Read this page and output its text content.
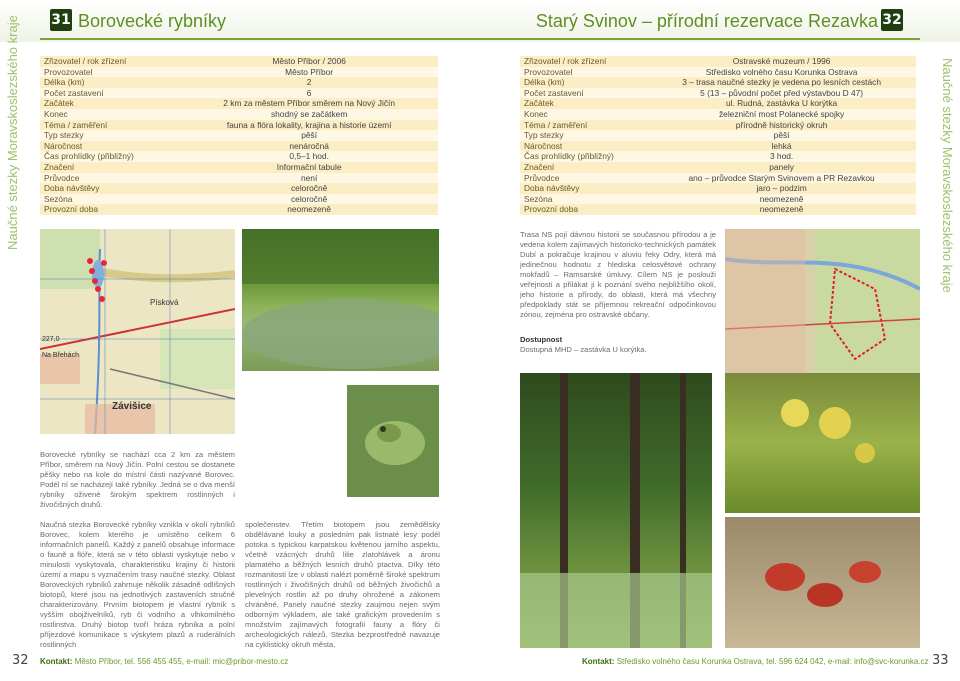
31 Borovecké rybníky
Naučné stezky Moravskoslezského kraje	Starý Svinov – přírodní rezervace Rezavka 32
Naučné stezky Moravskoslezského kraje
Zřizovatel / rok zřízení	Město Příbor / 2006
Provozovatel	Město Příbor
Délka (km)	2
Počet zastavení	6
Začátek	2 km za městem Příbor směrem na Nový Jičín
Konec	shodný se začátkem
Téma / zaměření	fauna a flóra lokality, krajina a historie území
Typ stezky	pěší
Náročnost	nenáročná
Čas prohlídky (přibližný)	0,5–1 hod.
Značení	Informační tabule
Průvodce	není
Doba návštěvy	celoročně
Sezóna	celoročně
Provozní doba	neomezeně
Zřizovatel / rok zřízení	Ostravské muzeum / 1996
Provozovatel	Středisko volného času Korunka Ostrava
Délka (km)	3 – trasa naučné stezky je vedena po lesních cestách
Počet zastavení	5 (13 – původní počet před výstavbou D 47)
Začátek	ul. Rudná, zastávka U korýtka
Konec	železniční most Polanecké spojky
Téma / zaměření	přírodně historický okruh
Typ stezky	pěší
Náročnost	lehká
Čas prohlídky (přibližný)	3 hod.
Značení	panely
Průvodce	ano – průvodce Starým Svinovem a PR Rezavkou
Doba návštěvy	jaro – podzim
Sezóna	neomezeně
Provozní doba	neomezeně
Písková
Na Břehách
Závišice
227,0
Borovecké rybníky se nachází cca 2 km za městem Příbor, směrem na Nový Jičín. Polní cestou se dostanete pěšky nebo na kole do místní části nazývané Borovec. Podél ní se nacházejí také rybníky. Jedná se o dva menší rybníky oživené širokým spektrem rostlinných i živočišných druhů.
Naučná stezka Borovecké rybníky vznikla v okolí rybníků Borovec, kolem kterého je umístěno celkem 6 informačních panelů. Každý z panelů obsahuje informace o fauně a flóře, která se v této oblasti vyskytuje nebo v minulosti vyskytovala, charakteristiku krajiny či historii území a mapu s vyznačením trasy naučné stezky. Oblast Boroveckých rybníků zahrnuje několik zásadně odlišných biotopů, které jsou na jednotlivých zastaveních stručně charakterizovány. Prvním biotopem je vlastní rybník s vyšším obojživelníků, ryb či vodního a vlhkomilného rostlinstva. Druhý biotop tvoří hráza rybníka a polní příjezdové komunikace s výskytem plazů a ruderálních rostlinných
společenstev. Třetím biotopem jsou zemědělsky obdělávané louky a posledním pak listnaté lesy podél potoka s typickou karpatskou květenou jarního aspektu, včetně vzácných druhů lilie zlatohlávek a áronu plamatého a běžných lesních druhů ptactva. Díky této rozmanitosti lze v oblasti nalézt poměrně široké spektrum rostlinných i živočišných druhů od běžných živočichů a plevelných rostlin až po druhy ohrožené a zákonem chráněné. Panely naučné stezky zaujmou nejen svým odborným výkladem, ale také grafickým provedením s množstvím zajímavých fotografií fauny a flóry či archeologických nálezů. Stezka bezprostředně navazuje na cyklistický okruh města.
Trasa NS pojí dávnou historii se současnou přírodou a je vedena kolem zajímavých historicko-technických památek Dubí a pokračuje krajinou v aluviu řeky Odry, která má jedinečnou hodnotu z hlediska celosvětové ochrany mokřadů – Ramsarské úmluvy. Cílem NS je poslouži veřejnosti a přilákat ji k poznání svého nejbližšího okolí, jeho historie a přírody, do oblasti, která má všechny předpoklady stát se příjemnou rekreační odpočinkovou zónou, zejména pro ostravské občany.
Dostupnost
Dostupná MHD – zastávka U korýtka.
32 Kontakt: Město Příbor, tel. 556 455 455, e-mail: mic@pribor-mesto.cz	Kontakt: Středisko volného času Korunka Ostrava, tel. 596 624 042, e-mail: info@svc-korunka.cz 33
